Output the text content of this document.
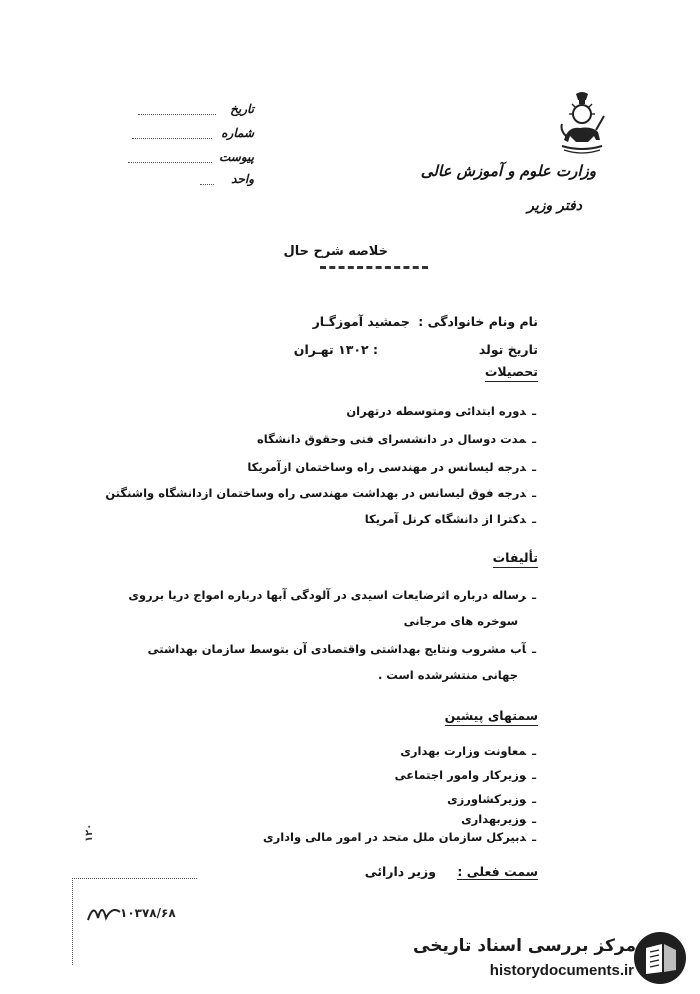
وزارت علوم و آموزش عالی
دفتر وزیر
تاریخ
شماره
پیوست
واحد
خلاصه شرح حال
نام ونام خانوادگی : جمشید آموزگـار
تاریخ تولد
: ۱۳۰۲ تهـران
تحصیلات
ـدوره ابتدائی ومتوسطه درتهران
ـمدت دوسال در دانشسرای فنی وحقوق دانشگاه
ـدرجه لیسانس در مهندسی راه وساختمان ازآمریکا
ـدرجه فوق لیسانس در بهداشت مهندسی راه وساختمان ازدانشگاه واشنگتن
ـدکترا از دانشگاه کرنل آمریکا
تألیفات
ـرساله درباره اثرضایعات اسیدی در آلودگی آبها درباره امواج دریا برروی
سوخره های مرجانی
ـآب مشروب ونتایج بهداشتی واقتصادی آن بتوسط سازمان بهداشتی
جهانی منتشرشده است .
سمتهای پیشین
ـمعاونت وزارت بهداری
ـوزیرکار وامور اجتماعی
ـوزیرکشاورزی
ـوزیربهداری
ـدبیرکل سازمان ملل متحد در امور مالی واداری
سمت فعلی :
وزیر دارائی
۱۲۰
۱۰۳۷۸/۶۸
مرکز بررسی اسناد تاریخی
historydocuments.ir
